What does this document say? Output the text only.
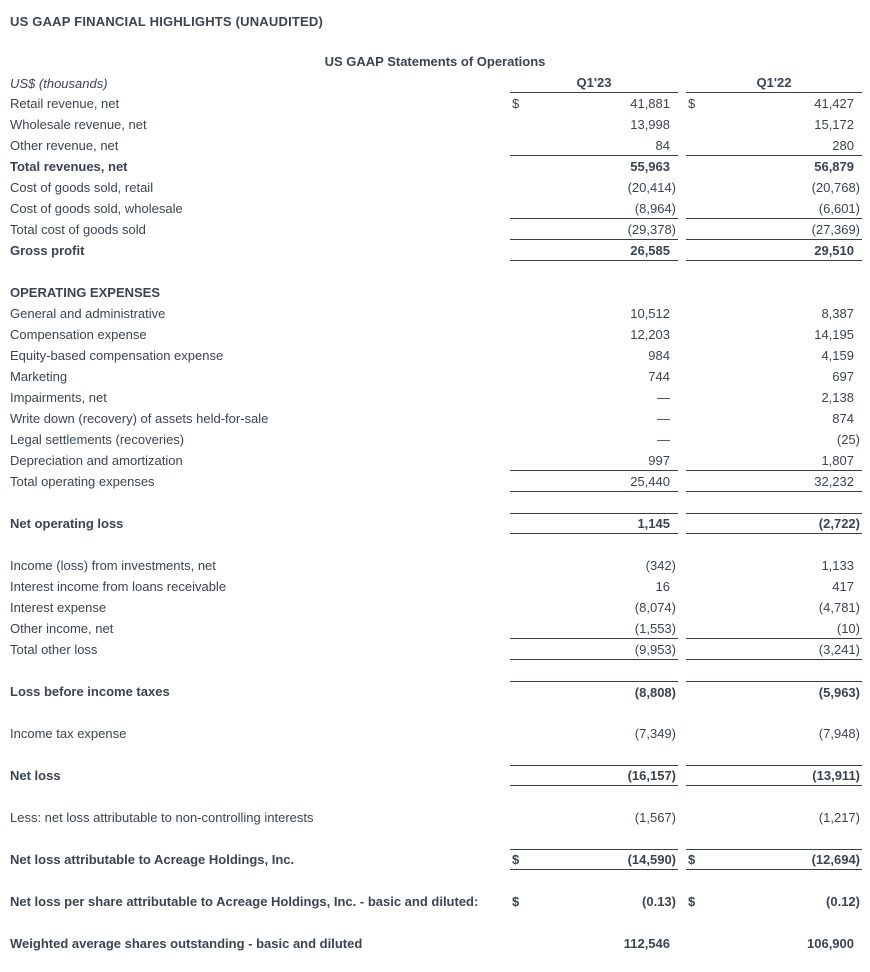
US GAAP FINANCIAL HIGHLIGHTS (UNAUDITED)
US GAAP Statements of Operations
US$ (thousands)	Q1'23	Q1'22
Retail revenue, net	$	41,881	$	41,427
Wholesale revenue, net	13,998	15,172
Other revenue, net	84	280
Total revenues, net	55,963	56,879
Cost of goods sold, retail	(20,414)	(20,768)
Cost of goods sold, wholesale	(8,964)	(6,601)
Total cost of goods sold	(29,378)	(27,369)
Gross profit	26,585	29,510
OPERATING EXPENSES
General and administrative	10,512	8,387
Compensation expense	12,203	14,195
Equity-based compensation expense	984	4,159
Marketing	744	697
Impairments, net	—	2,138
Write down (recovery) of assets held-for-sale	—	874
Legal settlements (recoveries)	—	(25)
Depreciation and amortization	997	1,807
Total operating expenses	25,440	32,232
Net operating loss	1,145	(2,722)
Income (loss) from investments, net	(342)	1,133
Interest income from loans receivable	16	417
Interest expense	(8,074)	(4,781)
Other income, net	(1,553)	(10)
Total other loss	(9,953)	(3,241)
Loss before income taxes	(8,808)	(5,963)
Income tax expense	(7,349)	(7,948)
Net loss	(16,157)	(13,911)
Less: net loss attributable to non-controlling interests	(1,567)	(1,217)
Net loss attributable to Acreage Holdings, Inc.	$	(14,590) $	(12,694)
Net loss per share attributable to Acreage Holdings, Inc. - basic and diluted:	$	(0.13) $	(0.12)
Weighted average shares outstanding - basic and diluted	112,546	106,900
